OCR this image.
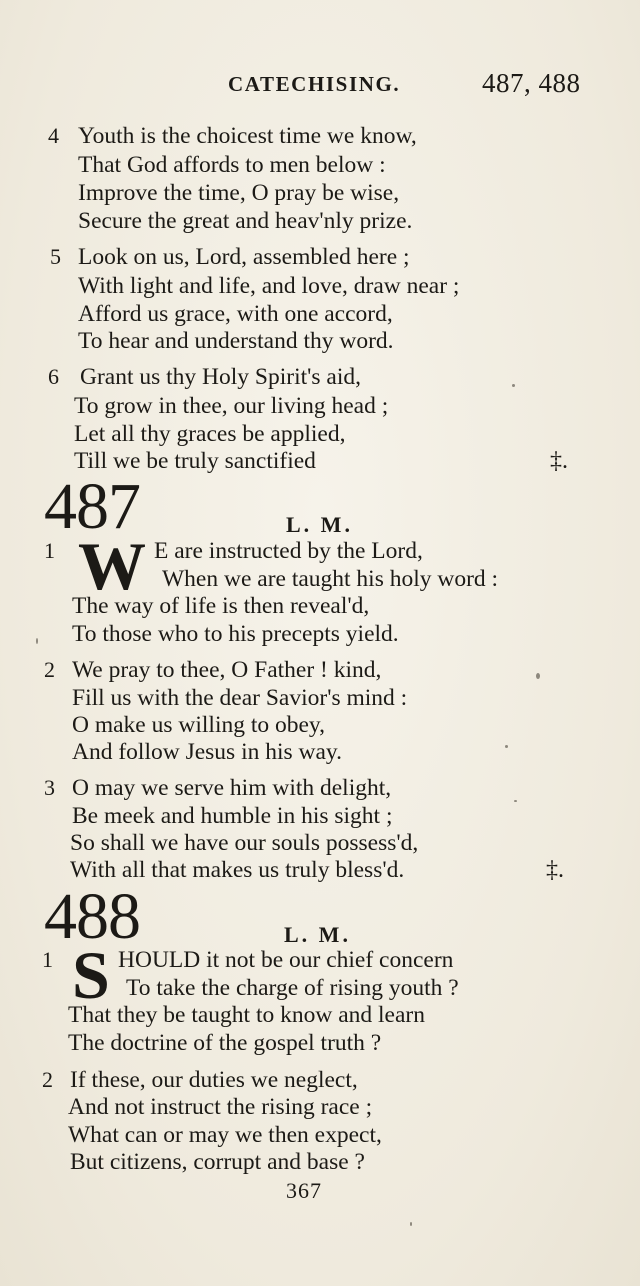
CATECHISING.	487, 488
4 Youth is the choicest time we know,
That God affords to men below :
Improve the time, O pray be wise,
Secure the great and heav'nly prize.
5 Look on us, Lord, assembled here ;
With light and life, and love, draw near ;
Afford us grace, with one accord,
To hear and understand thy word.
6 Grant us thy Holy Spirit's aid,
To grow in thee, our living head ;
Let all thy graces be applied,
Till we be truly sanctified	‡.
487	L. M.
1 W E are instructed by the Lord,
When we are taught his holy word :
The way of life is then reveal'd,
To those who to his precepts yield.
2 We pray to thee, O Father ! kind,
Fill us with the dear Savior's mind :
O make us willing to obey,
And follow Jesus in his way.
3 O may we serve him with delight,
Be meek and humble in his sight ;
So shall we have our souls possess'd,
With all that makes us truly bless'd.	‡.
488	L. M.
1 S HOULD it not be our chief concern
To take the charge of rising youth ?
That they be taught to know and learn
The doctrine of the gospel truth ?
2 If these, our duties we neglect,
And not instruct the rising race ;
What can or may we then expect,
But citizens, corrupt and base ?
367
